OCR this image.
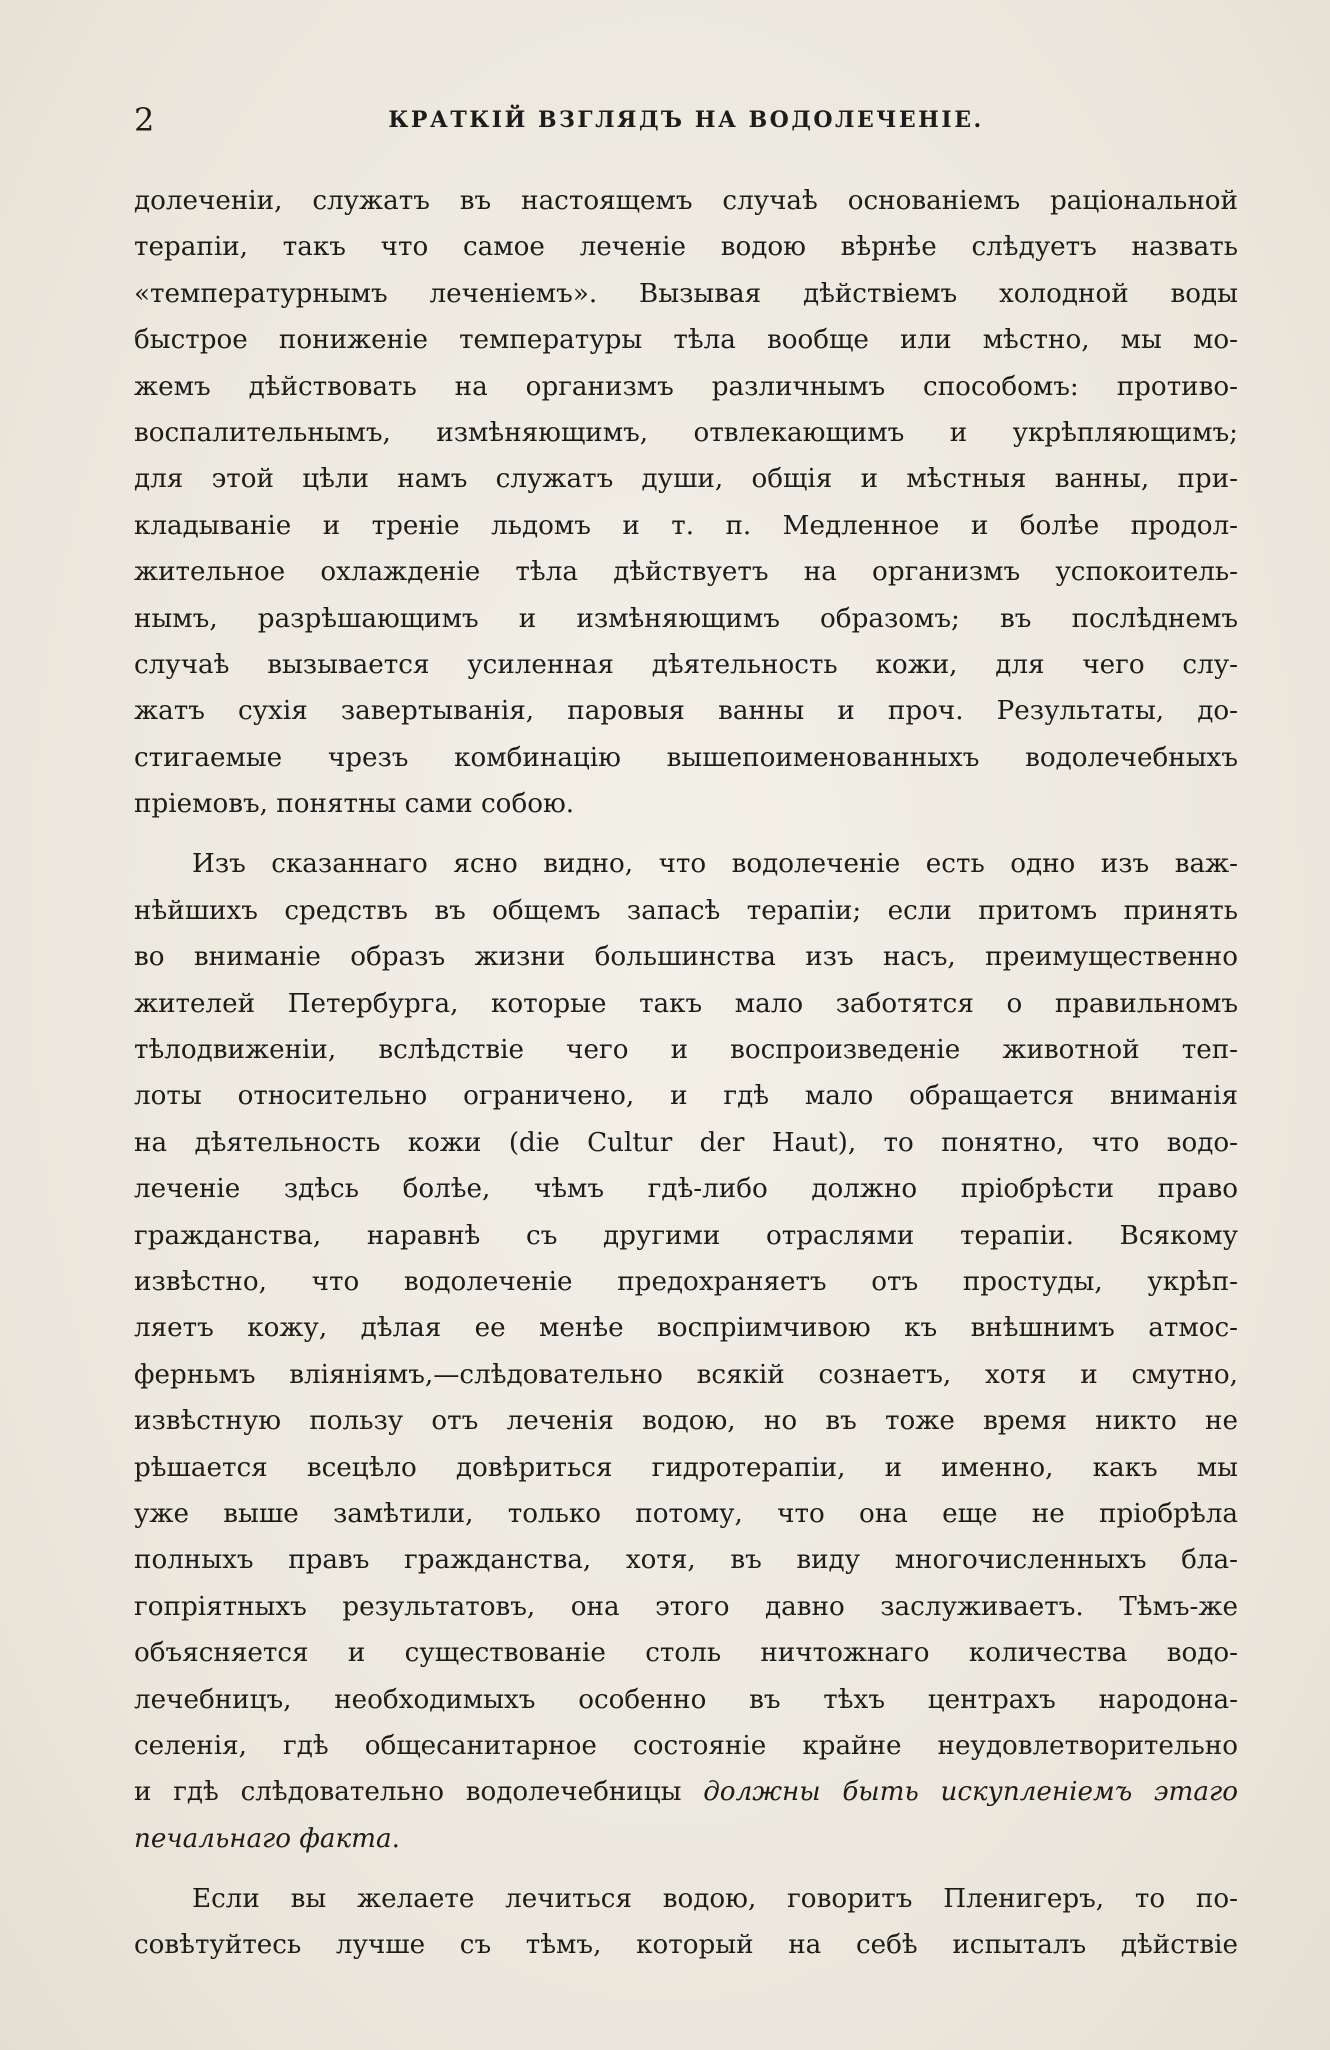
2	КРАТКІЙ ВЗГЛЯДЪ НА ВОДОЛЕЧЕНІЕ.
долеченіи, служатъ въ настоящемъ случаѣ основаніемъ раціональной
терапіи, такъ что самое леченіе водою вѣрнѣе слѣдуетъ назвать
«температурнымъ леченіемъ». Вызывая дѣйствіемъ холодной воды
быстрое пониженіе температуры тѣла вообще или мѣстно, мы мо-
жемъ дѣйствовать на организмъ различнымъ способомъ: противо-
воспалительнымъ, измѣняющимъ, отвлекающимъ и укрѣпляющимъ;
для этой цѣли намъ служатъ души, общія и мѣстныя ванны, при-
кладываніе и треніе льдомъ и т. п. Медленное и болѣе продол-
жительное охлажденіе тѣла дѣйствуетъ на организмъ успокоитель-
нымъ, разрѣшающимъ и измѣняющимъ образомъ; въ послѣднемъ
случаѣ вызывается усиленная дѣятельность кожи, для чего слу-
жатъ сухія завертыванія, паровыя ванны и проч. Результаты, до-
стигаемые чрезъ комбинацію вышепоименованныхъ водолечебныхъ
пріемовъ, понятны сами собою.
Изъ сказаннаго ясно видно, что водолеченіе есть одно изъ важ-
нѣйшихъ средствъ въ общемъ запасѣ терапіи; если притомъ принять
во вниманіе образъ жизни большинства изъ насъ, преимущественно
жителей Петербурга, которые такъ мало заботятся о правильномъ
тѣлодвиженіи, вслѣдствіе чего и воспроизведеніе животной теп-
лоты относительно ограничено, и гдѣ мало обращается вниманія
на дѣятельность кожи (die Cultur der Haut), то понятно, что водо-
леченіе здѣсь болѣе, чѣмъ гдѣ-либо должно пріобрѣсти право
гражданства, наравнѣ съ другими отраслями терапіи. Всякому
извѣстно, что водолеченіе предохраняетъ отъ простуды, укрѣп-
ляетъ кожу, дѣлая ее менѣе воспріимчивою къ внѣшнимъ атмос-
ферньмъ вліяніямъ,—слѣдовательно всякій сознаетъ, хотя и смутно,
извѣстную пользу отъ леченія водою, но въ тоже время никто не
рѣшается всецѣло довѣриться гидротерапіи, и именно, какъ мы
уже выше замѣтили, только потому, что она еще не пріобрѣла
полныхъ правъ гражданства, хотя, въ виду многочисленныхъ бла-
гопріятныхъ результатовъ, она этого давно заслуживаетъ. Тѣмъ-же
объясняется и существованіе столь ничтожнаго количества водо-
лечебницъ, необходимыхъ особенно въ тѣхъ центрахъ народона-
селенія, гдѣ общесанитарное состояніе крайне неудовлетворительно
и гдѣ слѣдовательно водолечебницы должны быть искупленіемъ этаго
печальнаго факта.
Если вы желаете лечиться водою, говоритъ Пленигеръ, то по-
совѣтуйтесь лучше съ тѣмъ, который на себѣ испыталъ дѣйствіе
